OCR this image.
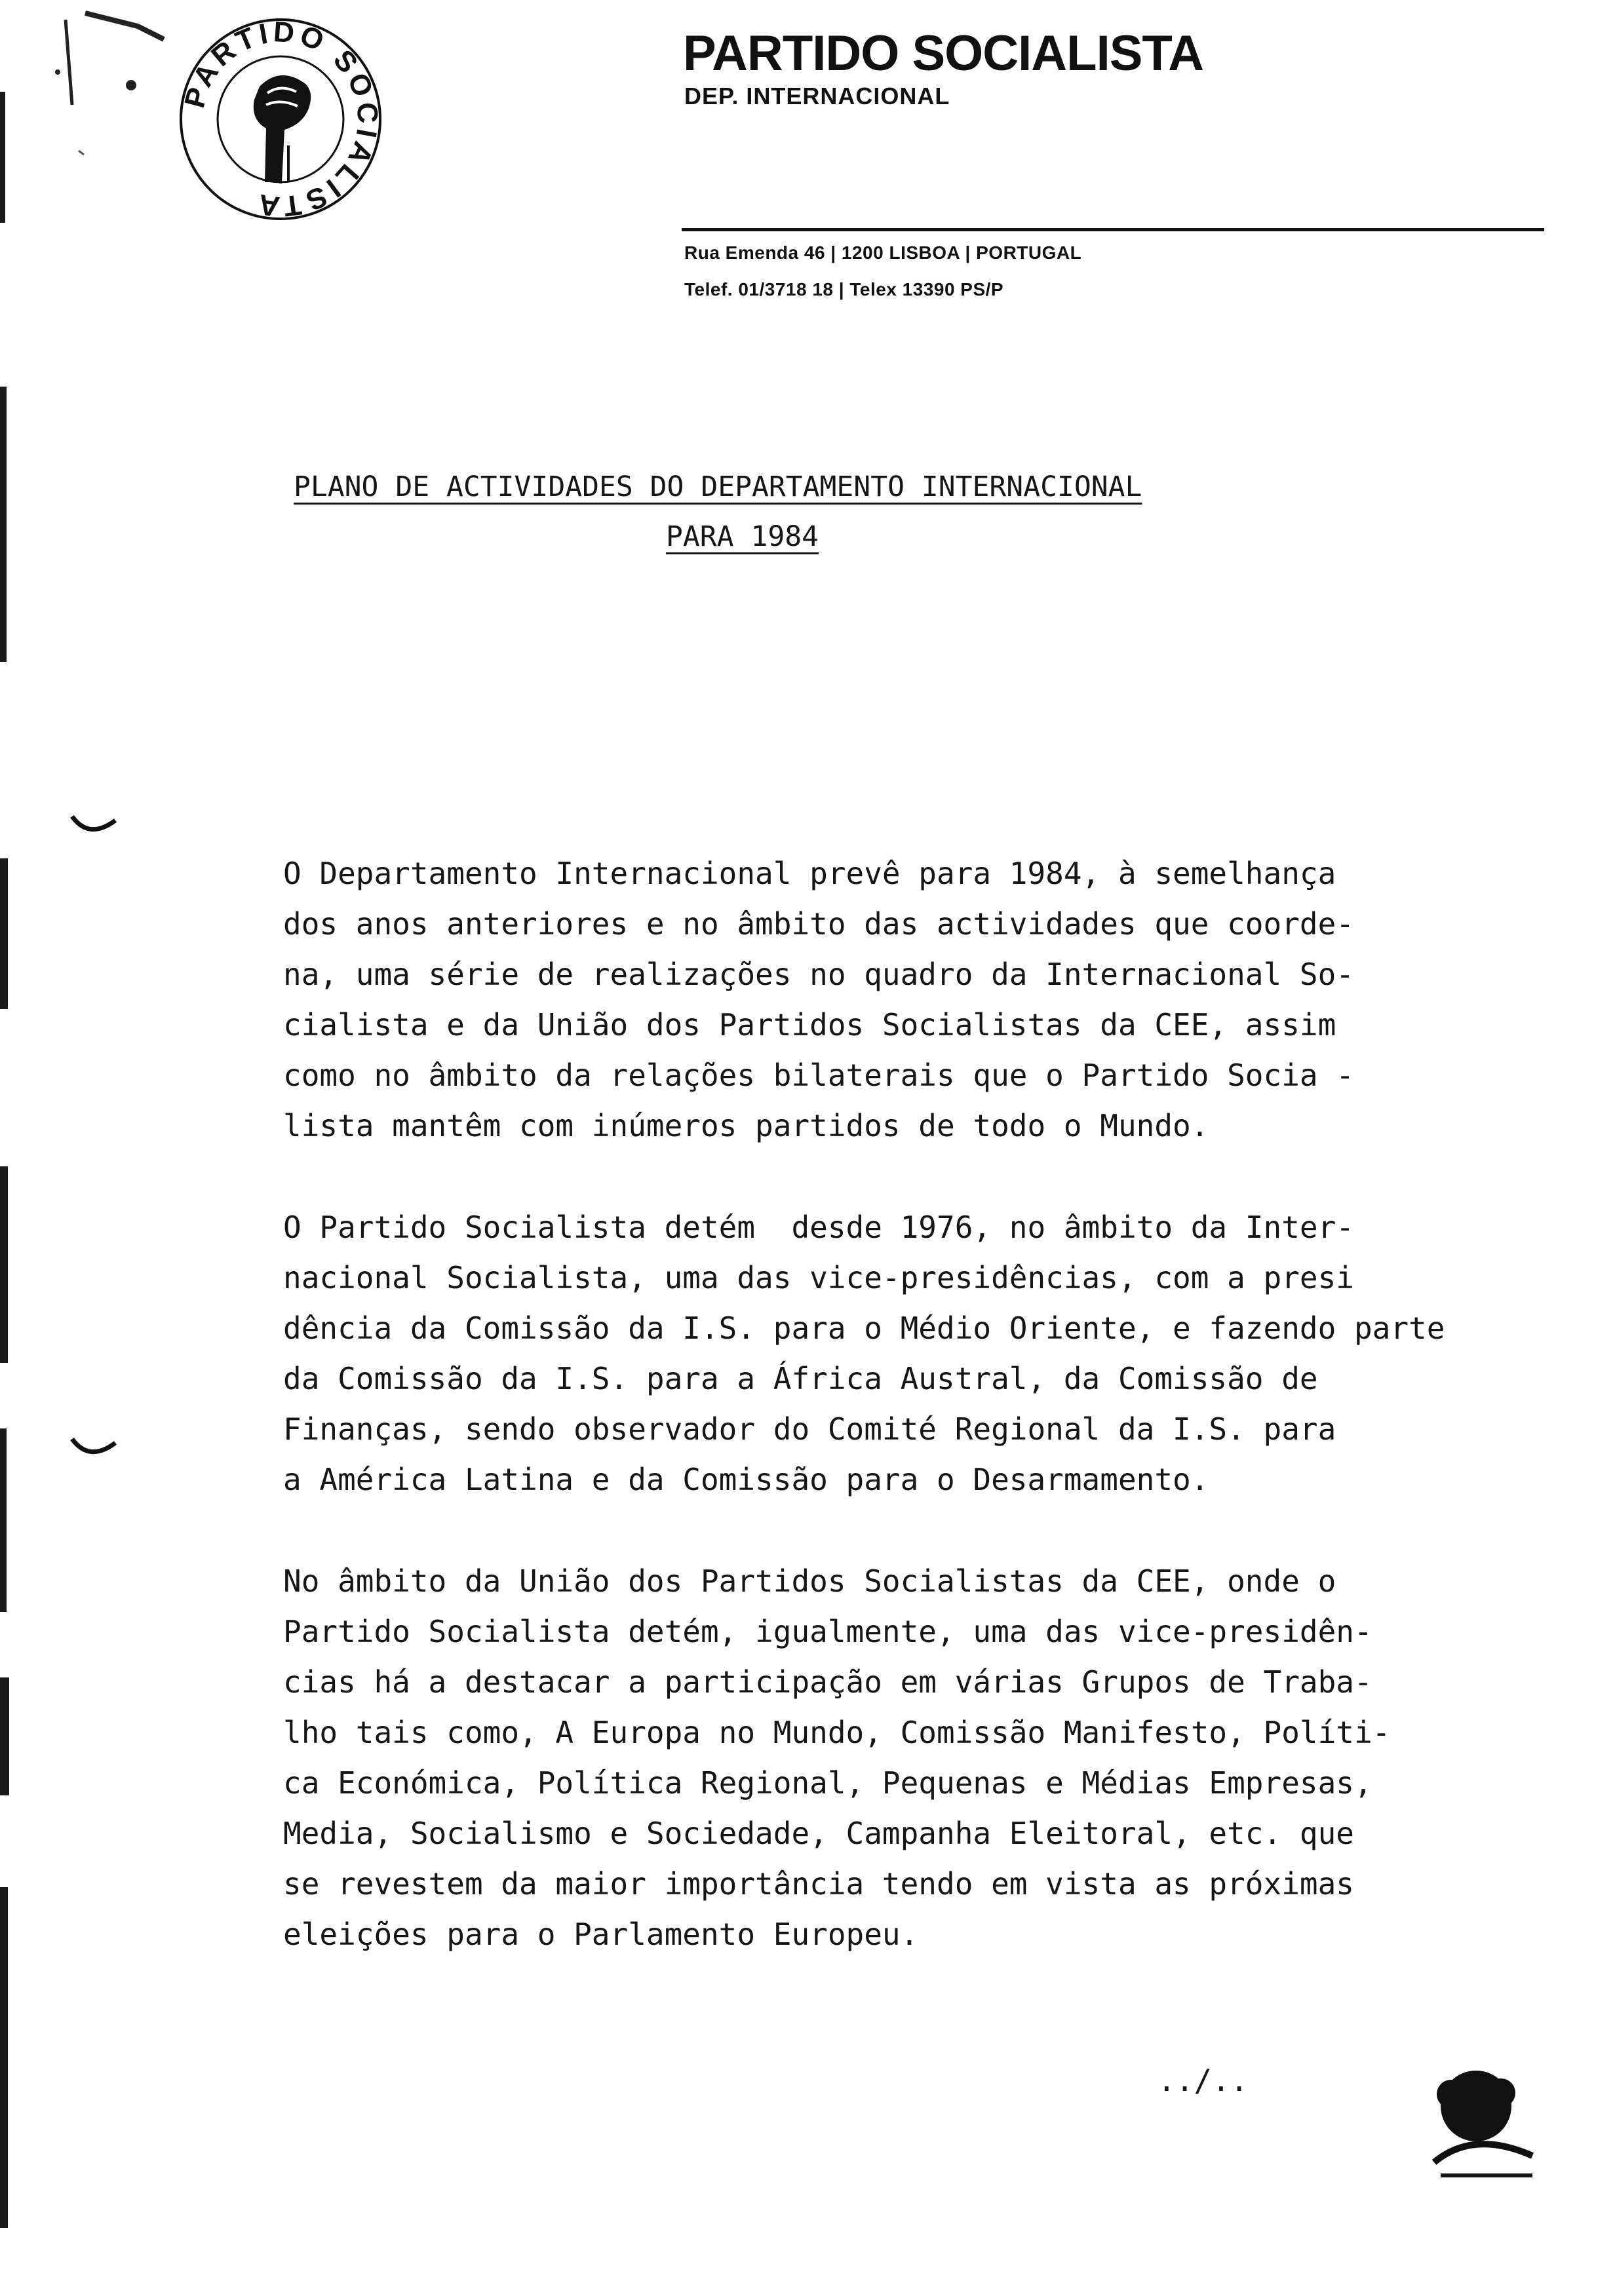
PARTIDO SOCIALISTA
PARTIDO SOCIALISTA
DEP. INTERNACIONAL
Rua Emenda 46 | 1200 LISBOA | PORTUGAL
Telef. 01/3718 18 | Telex 13390 PS/P
PLANO DE ACTIVIDADES DO DEPARTAMENTO INTERNACIONAL
PARA 1984
O Departamento Internacional prevê para 1984, à semelhança
dos anos anteriores e no âmbito das actividades que coorde-
na, uma série de realizações no quadro da Internacional So-
cialista e da União dos Partidos Socialistas da CEE, assim
como no âmbito da relações bilaterais que o Partido Socia -
lista mantêm com inúmeros partidos de todo o Mundo.
O Partido Socialista detém  desde 1976, no âmbito da Inter-
nacional Socialista, uma das vice-presidências, com a presi
dência da Comissão da I.S. para o Médio Oriente, e fazendo parte
da Comissão da I.S. para a África Austral, da Comissão de
Finanças, sendo observador do Comité Regional da I.S. para
a América Latina e da Comissão para o Desarmamento.
No âmbito da União dos Partidos Socialistas da CEE, onde o
Partido Socialista detém, igualmente, uma das vice-presidên-
cias há a destacar a participação em várias Grupos de Traba-
lho tais como, A Europa no Mundo, Comissão Manifesto, Políti-
ca Económica, Política Regional, Pequenas e Médias Empresas,
Media, Socialismo e Sociedade, Campanha Eleitoral, etc. que
se revestem da maior importância tendo em vista as próximas
eleições para o Parlamento Europeu.
../..
PS
